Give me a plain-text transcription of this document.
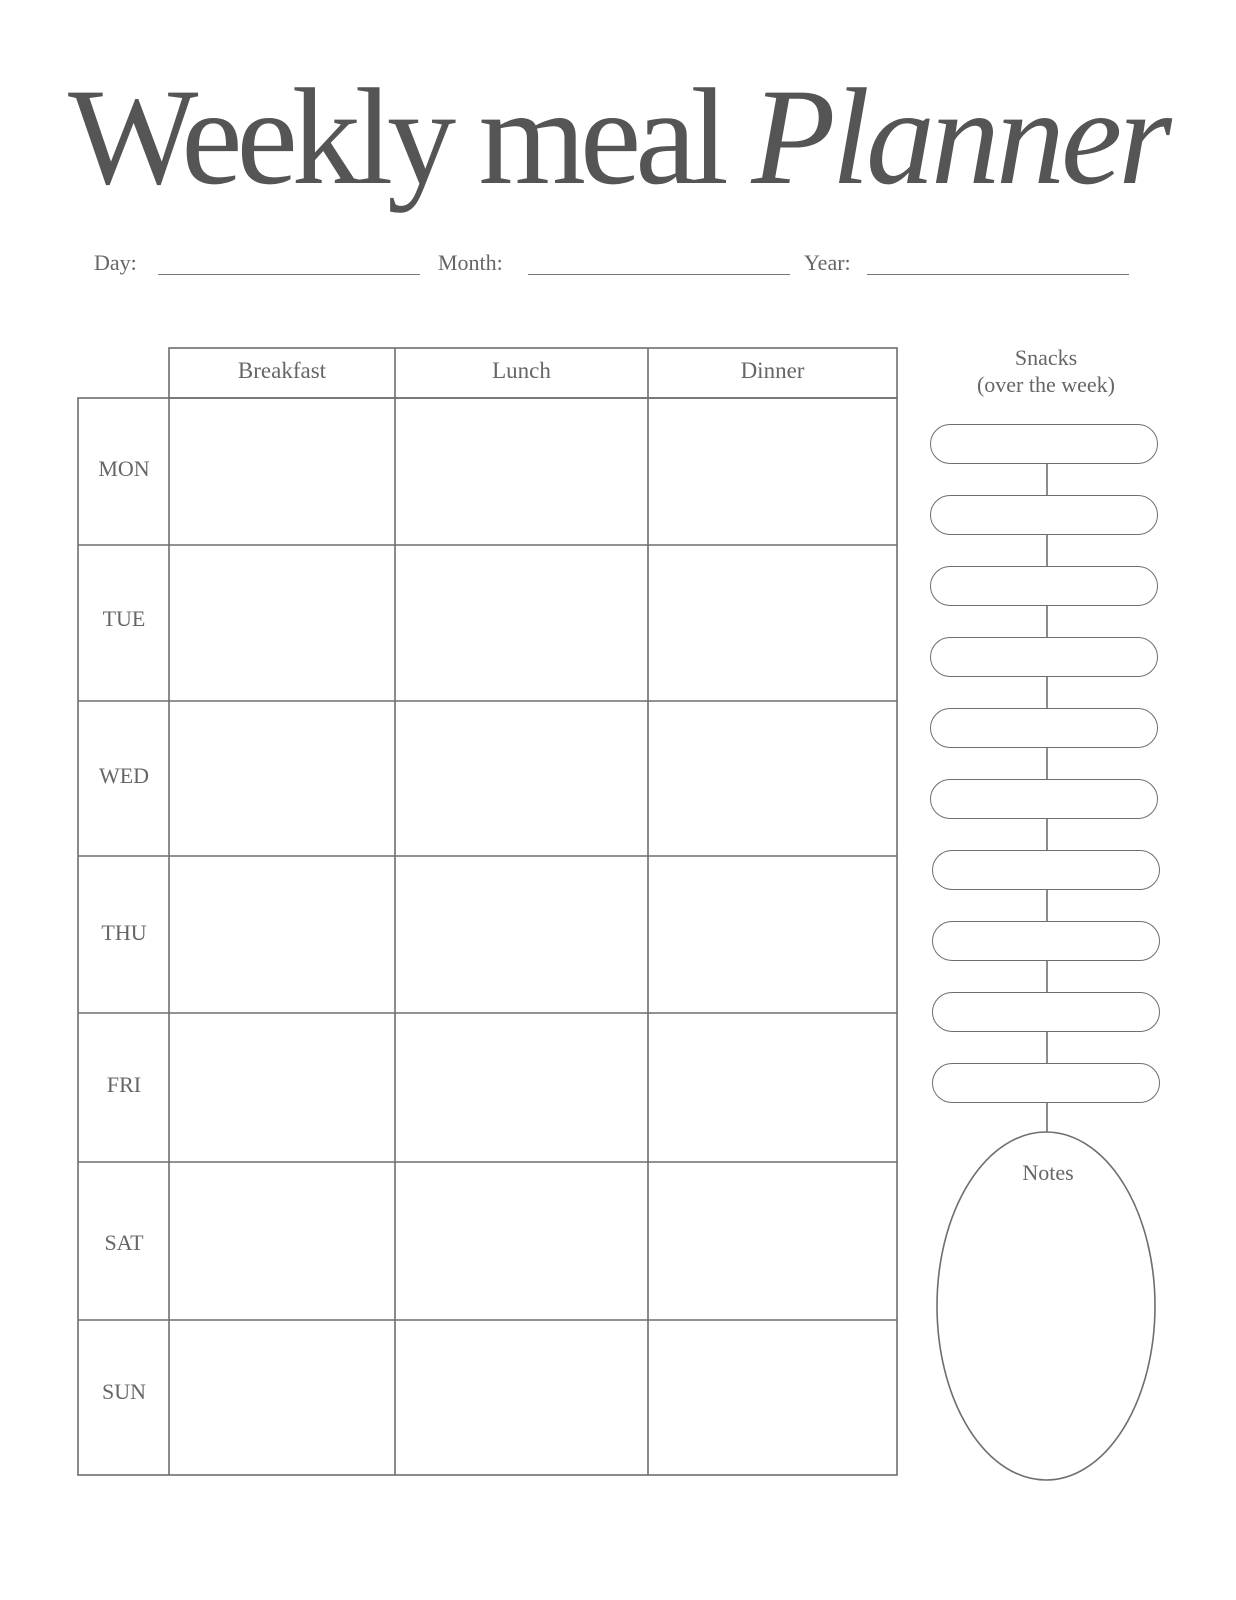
Weekly meal Planner
Day:	Month:	Year:
Breakfast	Lunch	Dinner
MON
TUE
WED
THU
FRI
SAT
SUN
Snacks
(over the week)
Notes
